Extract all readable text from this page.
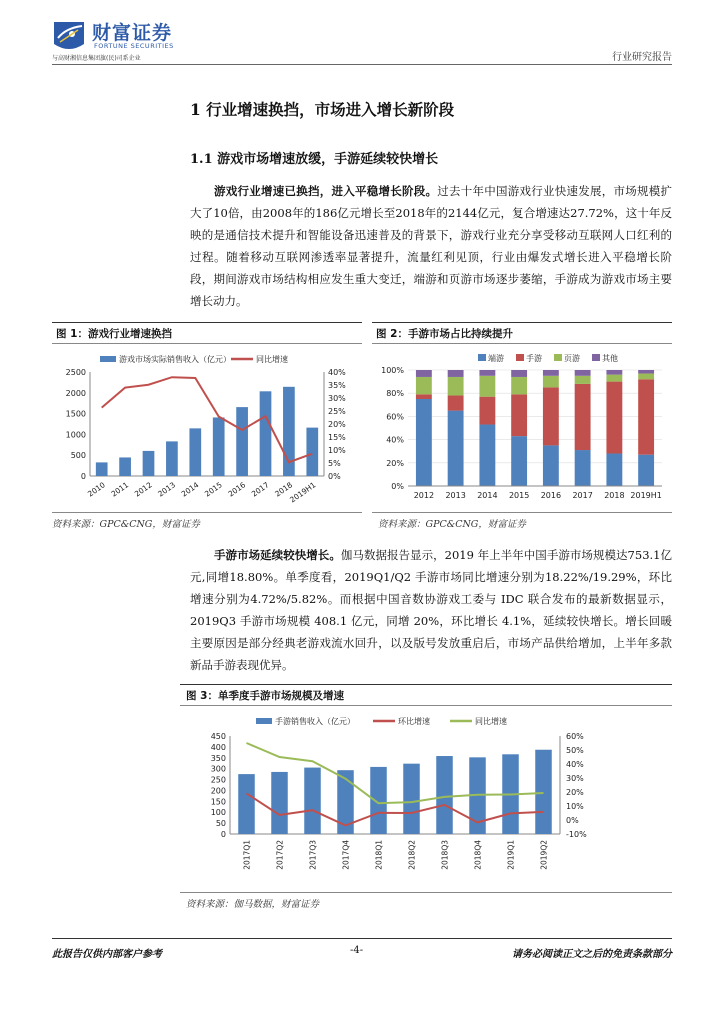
财富证券
FORTUNE SECURITIES
与高财湘信息集团旗(民)司系企业	行业研究报告
1 行业增速换挡，市场进入增长新阶段
1.1 游戏市场增速放缓，手游延续较快增长
游戏行业增速已换挡，进入平稳增长阶段。过去十年中国游戏行业快速发展，市场规模扩大了10倍，由2008年的186亿元增长至2018年的2144亿元，复合增速达27.72%，这十年反映的是通信技术提升和智能设备迅速普及的背景下，游戏行业充分享受移动互联网人口红利的过程。随着移动互联网渗透率显著提升，流量红利见顶，行业由爆发式增长进入平稳增长阶段，期间游戏市场结构相应发生重大变迁，端游和页游市场逐步萎缩，手游成为游戏市场主要增长动力。
图 1：游戏行业增速换挡	图 2：手游市场占比持续提升
游戏市场实际销售收入（亿元）	同比增速
0
500
1000
1500
2000
2500
0%
5%
10%
15%
20%
25%
30%
35%
40%
2010 2011 2012 2013 2014 2015 2016 2017 2018
2019H1
端游	手游	页游	其他
0%
20%
40%
60%
80%
100%
2012 2013 2014 2015 2016 2017 2018 2019H1
资料来源：GPC&CNG，财富证券	资料来源：GPC&CNG，财富证券
手游市场延续较快增长。伽马数据报告显示，2019 年上半年中国手游市场规模达753.1亿元,同增18.80%。单季度看，2019Q1/Q2 手游市场同比增速分别为18.22%/19.29%，环比增速分别为4.72%/5.82%。而根据中国音数协游戏工委与 IDC 联合发布的最新数据显示，2019Q3 手游市场规模 408.1 亿元，同增 20%，环比增长 4.1%，延续较快增长。增长回暖主要原因是部分经典老游戏流水回升，以及版号发放重启后，市场产品供给增加，上半年多款新品手游表现优异。
图 3：单季度手游市场规模及增速
手游销售收入（亿元）	环比增速	同比增速
0
50
100
150
200
250
300
350
400
450
-10%
0%
10%
20%
30%
40%
50%
60%
2017Q1	2017Q2	2017Q3	2017Q4	2018Q1	2018Q2	2018Q3	2018Q4	2019Q1	2019Q2
资料来源：伽马数据，财富证券
此报告仅供内部客户参考	-4-	请务必阅读正文之后的免责条款部分
